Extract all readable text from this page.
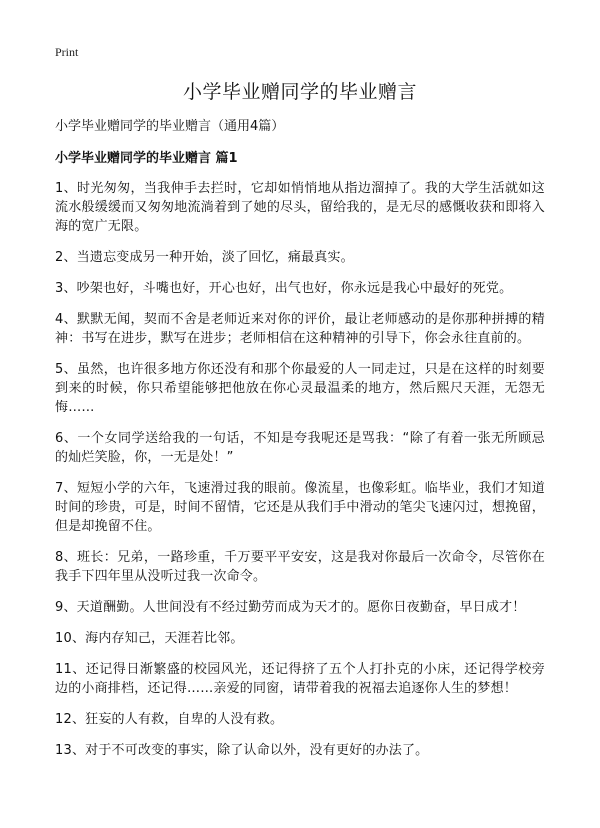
Print
小学毕业赠同学的毕业赠言

小学毕业赠同学的毕业赠言（通用4篇）

小学毕业赠同学的毕业赠言 篇1
1、时光匆匆，当我伸手去拦时，它却如悄悄地从指边溜掉了。我的大学生活就如这流水般缓缓而又匆匆地流淌着到了她的尽头，留给我的，是无尽的感慨收获和即将入海的宽广无限。
2、当遗忘变成另一种开始，淡了回忆，痛最真实。
3、吵架也好，斗嘴也好，开心也好，出气也好，你永远是我心中最好的死党。
4、默默无闻，契而不舍是老师近来对你的评价，最让老师感动的是你那种拼搏的精神：书写在进步，默写在进步；老师相信在这种精神的引导下，你会永往直前的。
5、虽然，也许很多地方你还没有和那个你最爱的人一同走过，只是在这样的时刻要到来的时候，你只希望能够把他放在你心灵最温柔的地方，然后熙尺天涯，无怨无悔……
6、一个女同学送给我的一句话，不知是夸我呢还是骂我：“除了有着一张无所顾忌的灿烂笑脸，你，一无是处！”
7、短短小学的六年，飞速滑过我的眼前。像流星，也像彩虹。临毕业，我们才知道时间的珍贵，可是，时间不留情，它还是从我们手中滑动的笔尖飞速闪过，想挽留，但是却挽留不住。
8、班长：兄弟，一路珍重，千万要平平安安，这是我对你最后一次命令，尽管你在我手下四年里从没听过我一次命令。
9、天道酬勤。人世间没有不经过勤劳而成为天才的。愿你日夜勤奋，早日成才！
10、海内存知己，天涯若比邻。
11、还记得日渐繁盛的校园风光，还记得挤了五个人打扑克的小床，还记得学校旁边的小商排档，还记得……亲爱的同窗，请带着我的祝福去追逐你人生的梦想！
12、狂妄的人有救，自卑的人没有救。
13、对于不可改变的事实，除了认命以外，没有更好的办法了。
